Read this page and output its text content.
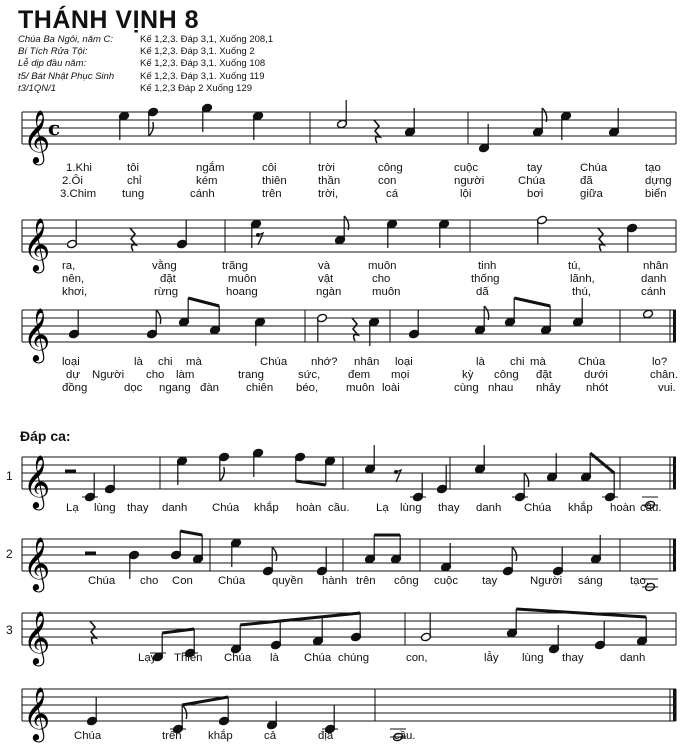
THÁNH VỊNH 8
Chúa Ba Ngôi, năm C:	Kế 1,2,3. Đáp 3,1, Xuống 208,1
Bí Tích Rửa Tội:	Kế 1,2,3. Đáp 3,1. Xuống 2
Lễ dịp đầu năm:	Kế 1,2,3. Đáp 3,1. Xuống 108
t5/ Bát Nhật Phục Sinh	Kế 1,2,3. Đáp 3,1. Xuống 119
t3/1QN/1	Kế 1,2,3 Đáp 2 Xuống 129
𝄞
c
𝄞
𝄞
𝄞
𝄞
𝄞
𝄞
1.Khi	tôi	ngắm	côi	trời	công	cuộc	tay	Chúa	tạo
2.Ôi	chỉ	kém	thiên	thần	con	người	Chúa	đã	dựng
3.Chim tung	cánh	trên	trời,	cá	lội	bơi	giữa	biển
ra,	vằng	trăng	và	muôn	tinh	tú,	nhân
nên,	đặt	muôn	vật	cho	thống	lãnh,	danh
khơi,	rừng	hoang	ngàn	muôn	dã	thú,	cánh
loại	là chi mà	Chúa nhớ? nhân loại	là chi mà	Chúa	lo?
dự Người cho làm	trang	sức, đem mọi	kỳ công đặt	dưới	chân.
đồng	dọc ngang đàn chiên béo, muôn loài	cùng nhau nhảy nhót	vui.
Đáp ca:
1
2
3
Lạ lùng thay danh Chúa khắp hoàn cầu. Lạ lùng thay danh Chúa khắp hoàn cầu.
Chúa cho Con Chúa quyền hành trên công cuộc tay	Người sáng tạo.
Lạy Thiên Chúa là Chúa chúng	con,	lẫy lùng thay	danh
Chúa	trên khắp	cả	địa	cầu.
